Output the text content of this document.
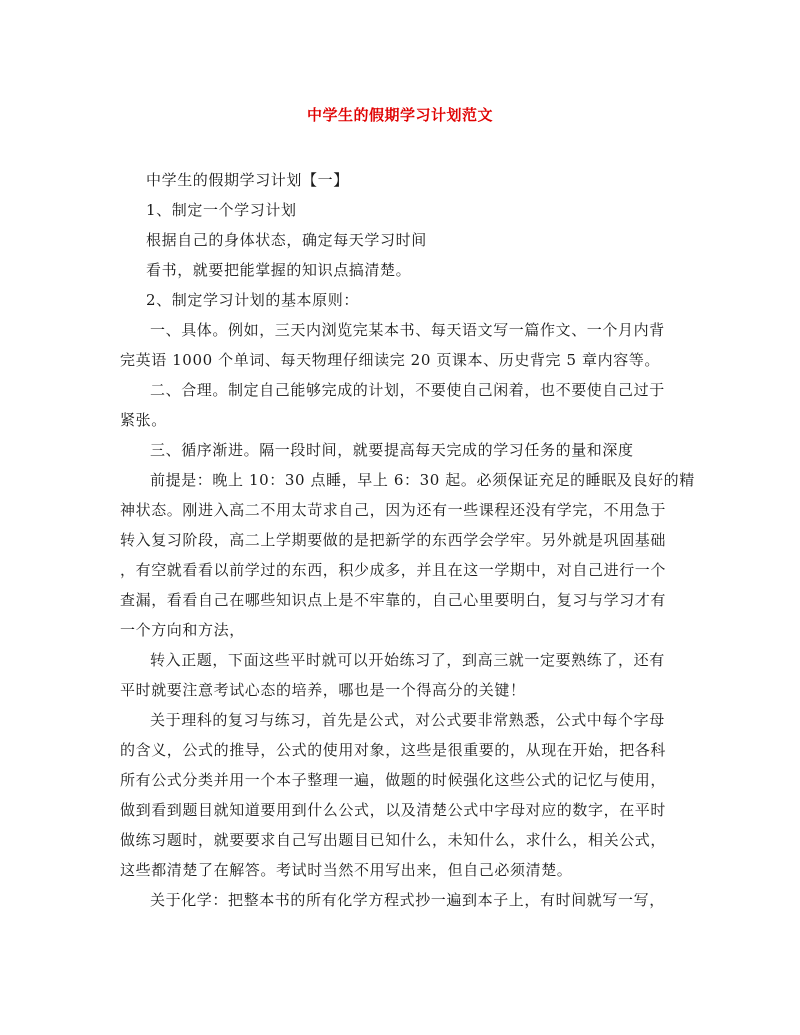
中学生的假期学习计划范文
中学生的假期学习计划【一】
1、制定一个学习计划
根据自己的身体状态，确定每天学习时间
看书，就要把能掌握的知识点搞清楚。
2、制定学习计划的基本原则：
一、具体。例如，三天内浏览完某本书、每天语文写一篇作文、一个月内背
完英语 1000 个单词、每天物理仔细读完 20 页课本、历史背完 5 章内容等。
二、合理。制定自己能够完成的计划，不要使自己闲着，也不要使自己过于
紧张。
三、循序渐进。隔一段时间，就要提高每天完成的学习任务的量和深度
前提是：晚上 10：30 点睡，早上 6：30 起。必须保证充足的睡眠及良好的精
神状态。刚进入高二不用太苛求自己，因为还有一些课程还没有学完，不用急于
转入复习阶段，高二上学期要做的是把新学的东西学会学牢。另外就是巩固基础
，有空就看看以前学过的东西，积少成多，并且在这一学期中，对自己进行一个
查漏，看看自己在哪些知识点上是不牢靠的，自己心里要明白，复习与学习才有
一个方向和方法，
转入正题，下面这些平时就可以开始练习了，到高三就一定要熟练了，还有
平时就要注意考试心态的培养，哪也是一个得高分的关键！
关于理科的复习与练习，首先是公式，对公式要非常熟悉，公式中每个字母
的含义，公式的推导，公式的使用对象，这些是很重要的，从现在开始，把各科
所有公式分类并用一个本子整理一遍，做题的时候强化这些公式的记忆与使用，
做到看到题目就知道要用到什么公式，以及清楚公式中字母对应的数字，在平时
做练习题时，就要要求自己写出题目已知什么，未知什么，求什么，相关公式，
这些都清楚了在解答。考试时当然不用写出来，但自己必须清楚。
关于化学：把整本书的所有化学方程式抄一遍到本子上，有时间就写一写，
